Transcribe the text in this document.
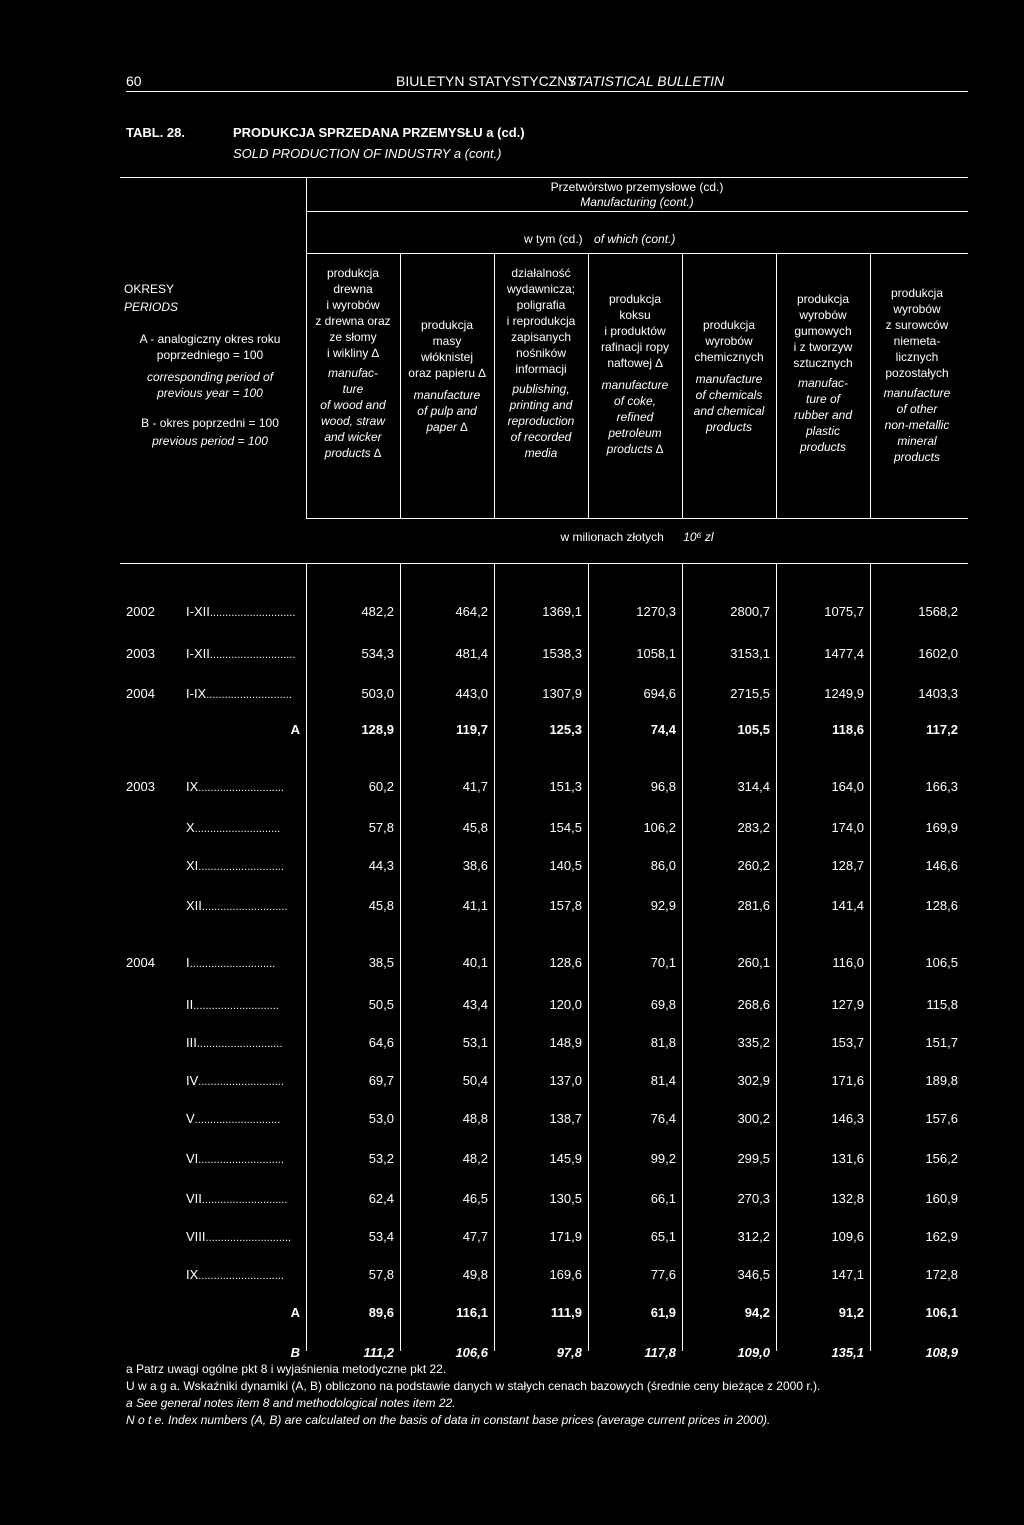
60	BIULETYN STATYSTYCZNY
STATISTICAL BULLETIN
TABL. 28.	PRODUKCJA SPRZEDANA PRZEMYSŁU a (cd.)
SOLD PRODUCTION OF INDUSTRY a (cont.)
Przetwórstwo przemysłowe (cd.)
Manufacturing (cont.)
w tym (cd.) of which (cont.)
OKRESY
PERIODS
A - analogiczny okres roku
poprzedniego = 100
corresponding period of
previous year = 100
B - okres poprzedni = 100
previous period = 100
produkcja
drewna
i wyrobów
z drewna oraz
ze słomy
i wikliny ∆
manufac-
ture
of wood and
wood, straw
and wicker
products ∆
produkcja
masy
włóknistej
oraz papieru ∆
manufacture
of pulp and
paper ∆
działalność
wydawnicza;
poligrafia
i reprodukcja
zapisanych
nośników
informacji
publishing,
printing and
reproduction
of recorded
media
produkcja
koksu
i produktów
rafinacji ropy
naftowej ∆
manufacture
of coke,
refined
petroleum
products ∆
produkcja
wyrobów
chemicznych
manufacture
of chemicals
and chemical
products
produkcja
wyrobów
gumowych
i z tworzyw
sztucznych
manufac-
ture of
rubber and
plastic
products
produkcja
wyrobów
z surowców
niemeta-
licznych
pozostałych
manufacture
of other
non-metallic
mineral
products
w milionach złotych 10⁶ zl
2002 I-XII............................	482,2	464,2	1369,1	1270,3	2800,7	1075,7	1568,2
2003 I-XII............................	534,3	481,4	1538,3	1058,1	3153,1	1477,4	1602,0
2004 I-IX............................	503,0	443,0	1307,9	694,6	2715,5	1249,9	1403,3
A	128,9	119,7	125,3	74,4	105,5	118,6	117,2
2003 IX............................	60,2	41,7	151,3	96,8	314,4	164,0	166,3
X............................	57,8	45,8	154,5	106,2	283,2	174,0	169,9
XI............................	44,3	38,6	140,5	86,0	260,2	128,7	146,6
XII............................	45,8	41,1	157,8	92,9	281,6	141,4	128,6
2004 I............................	38,5	40,1	128,6	70,1	260,1	116,0	106,5
II............................	50,5	43,4	120,0	69,8	268,6	127,9	115,8
III............................	64,6	53,1	148,9	81,8	335,2	153,7	151,7
IV............................	69,7	50,4	137,0	81,4	302,9	171,6	189,8
V............................	53,0	48,8	138,7	76,4	300,2	146,3	157,6
VI............................	53,2	48,2	145,9	99,2	299,5	131,6	156,2
VII............................	62,4	46,5	130,5	66,1	270,3	132,8	160,9
VIII............................	53,4	47,7	171,9	65,1	312,2	109,6	162,9
IX............................	57,8	49,8	169,6	77,6	346,5	147,1	172,8
A	89,6	116,1	111,9	61,9	94,2	91,2	106,1
B	111,2	106,6	97,8	117,8	109,0	135,1	108,9
a Patrz uwagi ogólne pkt 8 i wyjaśnienia metodyczne pkt 22.
U w a g a. Wskaźniki dynamiki (A, B) obliczono na podstawie danych w stałych cenach bazowych (średnie ceny bieżące z 2000 r.).
a See general notes item 8 and methodological notes item 22.
N o t e. Index numbers (A, B) are calculated on the basis of data in constant base prices (average current prices in 2000).
